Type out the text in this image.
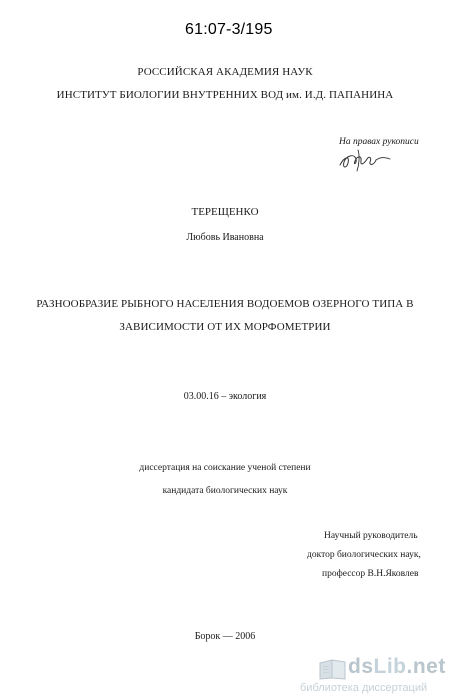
61:07-3/195
РОССИЙСКАЯ АКАДЕМИЯ НАУК
ИНСТИТУТ БИОЛОГИИ ВНУТРЕННИХ ВОД им. И.Д. ПАПАНИНА
На правах рукописи
ТЕРЕЩЕНКО
Любовь Ивановна
РАЗНООБРАЗИЕ РЫБНОГО НАСЕЛЕНИЯ ВОДОЕМОВ ОЗЕРНОГО ТИПА В
ЗАВИСИМОСТИ ОТ ИХ МОРФОМЕТРИИ
03.00.16 – экология
диссертация на соискание ученой степени
кандидата биологических наук
Научный руководитель
доктор биологических наук,
профессор В.Н.Яковлев
Борок — 2006
dsLib.net
библиотека диссертаций
